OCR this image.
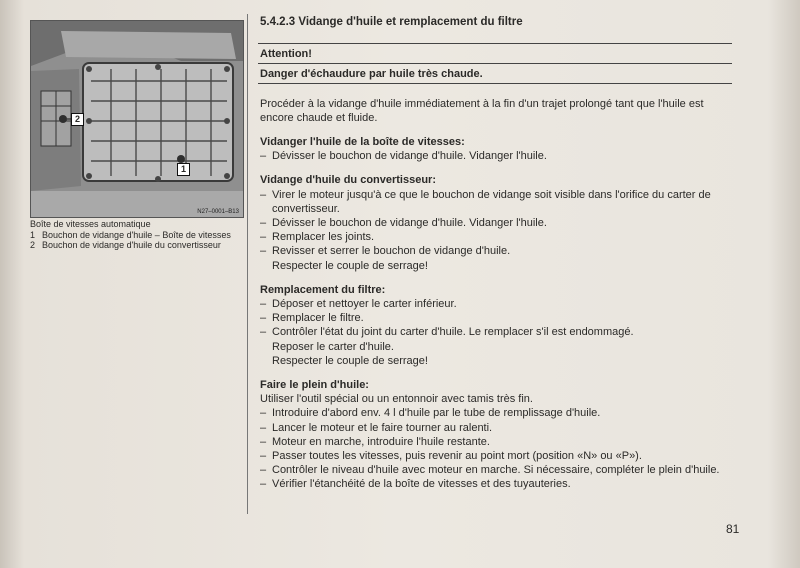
2
1
N27–0001–B13
Boîte de vitesses automatique
1 Bouchon de vidange d'huile – Boîte de vitesses
2 Bouchon de vidange d'huile du convertisseur
5.4.2.3 Vidange d'huile et remplacement du filtre
Attention!
Danger d'échaudure par huile très chaude.
Procéder à la vidange d'huile immédiatement à la fin d'un trajet prolongé tant que l'huile est encore chaude et fluide.
Vidanger l'huile de la boîte de vitesses:
– Dévisser le bouchon de vidange d'huile. Vidanger l'huile.
Vidange d'huile du convertisseur:
– Virer le moteur jusqu'à ce que le bouchon de vidange soit visible dans l'orifice du carter de convertisseur.
– Dévisser le bouchon de vidange d'huile. Vidanger l'huile.
– Remplacer les joints.
– Revisser et serrer le bouchon de vidange d'huile.
Respecter le couple de serrage!
Remplacement du filtre:
– Déposer et nettoyer le carter inférieur.
– Remplacer le filtre.
– Contrôler l'état du joint du carter d'huile. Le remplacer s'il est endommagé.
Reposer le carter d'huile.
Respecter le couple de serrage!
Faire le plein d'huile:
Utiliser l'outil spécial ou un entonnoir avec tamis très fin.
– Introduire d'abord env. 4 l d'huile par le tube de remplissage d'huile.
– Lancer le moteur et le faire tourner au ralenti.
– Moteur en marche, introduire l'huile restante.
– Passer toutes les vitesses, puis revenir au point mort (position «N» ou «P»).
– Contrôler le niveau d'huile avec moteur en marche. Si nécessaire, compléter le plein d'huile.
– Vérifier l'étanchéité de la boîte de vitesses et des tuyauteries.
81
